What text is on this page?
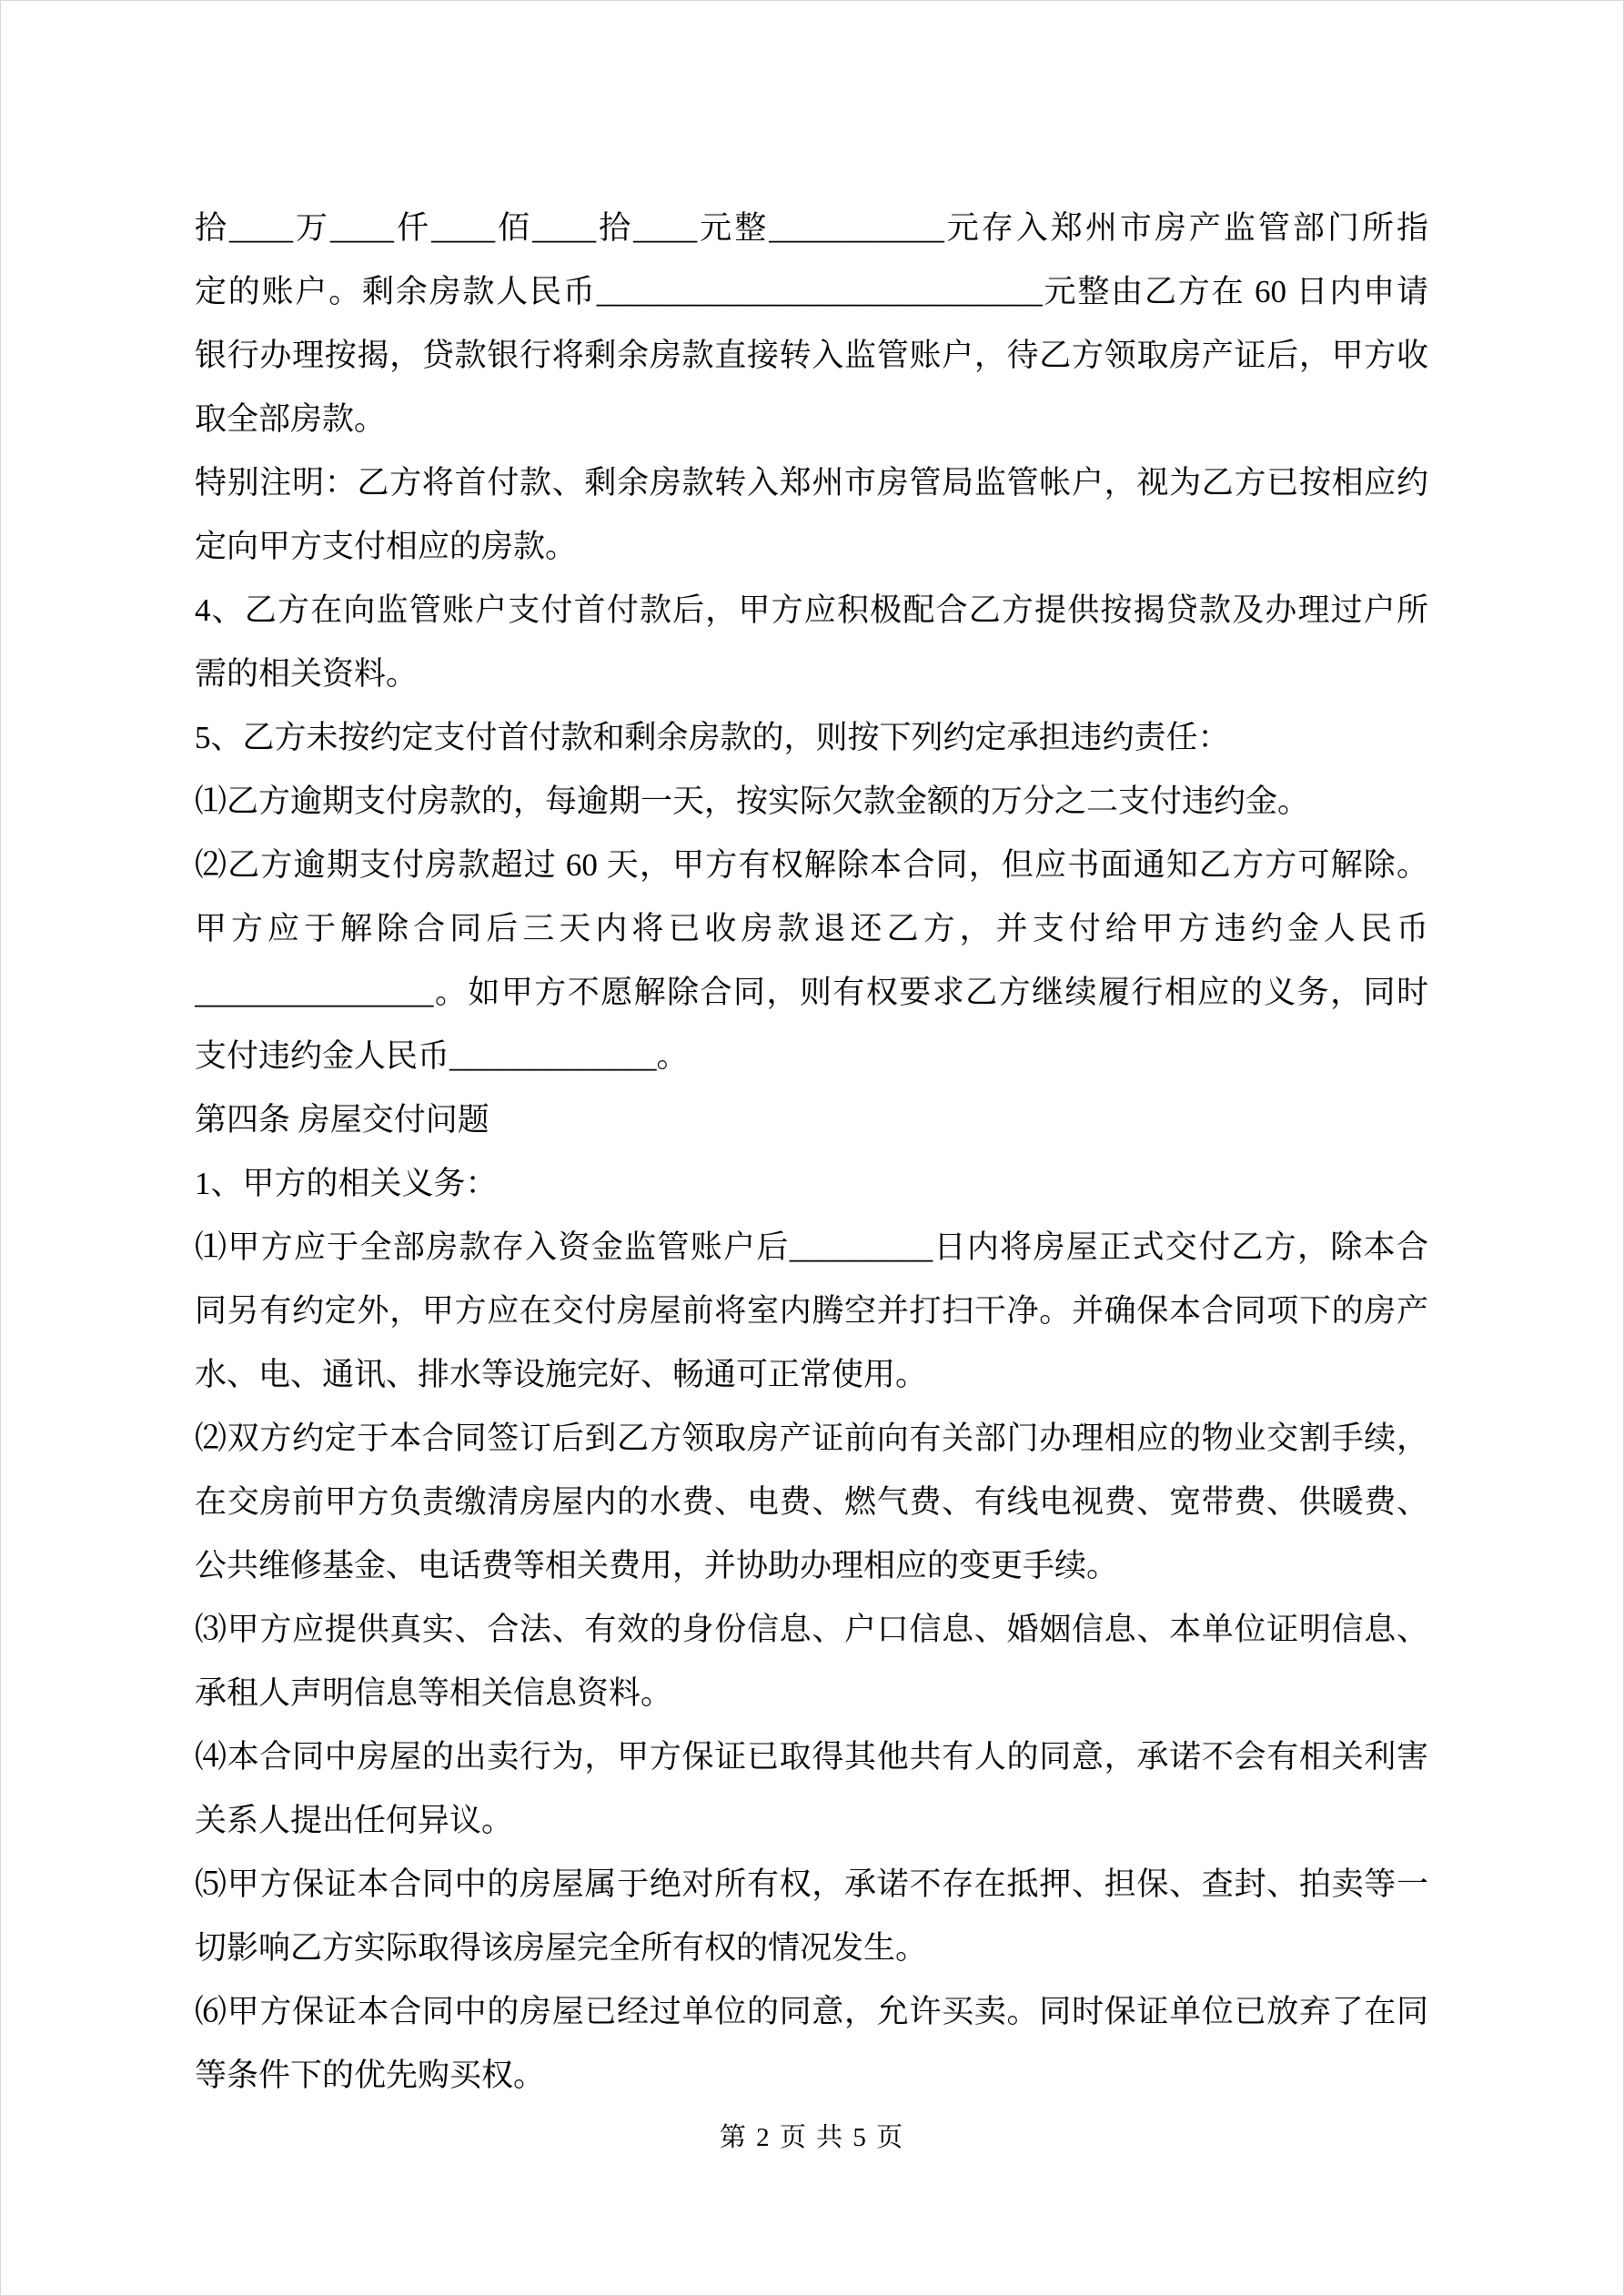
拾____万____仟____佰____拾____元整___________元存入郑州市房产监管部门所指
定的账户。剩余房款人民币____________________________元整由乙方在 60 日内申请
银行办理按揭，贷款银行将剩余房款直接转入监管账户，待乙方领取房产证后，甲方收
取全部房款。
特别注明：乙方将首付款、剩余房款转入郑州市房管局监管帐户，视为乙方已按相应约
定向甲方支付相应的房款。
4、乙方在向监管账户支付首付款后，甲方应积极配合乙方提供按揭贷款及办理过户所
需的相关资料。
5、乙方未按约定支付首付款和剩余房款的，则按下列约定承担违约责任：
⑴乙方逾期支付房款的，每逾期一天，按实际欠款金额的万分之二支付违约金。
⑵乙方逾期支付房款超过 60 天，甲方有权解除本合同，但应书面通知乙方方可解除。
甲方应于解除合同后三天内将已收房款退还乙方，并支付给甲方违约金人民币
_______________。如甲方不愿解除合同，则有权要求乙方继续履行相应的义务，同时
支付违约金人民币_____________。
第四条 房屋交付问题
1、甲方的相关义务：
⑴甲方应于全部房款存入资金监管账户后_________日内将房屋正式交付乙方，除本合
同另有约定外，甲方应在交付房屋前将室内腾空并打扫干净。并确保本合同项下的房产
水、电、通讯、排水等设施完好、畅通可正常使用。
⑵双方约定于本合同签订后到乙方领取房产证前向有关部门办理相应的物业交割手续，
在交房前甲方负责缴清房屋内的水费、电费、燃气费、有线电视费、宽带费、供暖费、
公共维修基金、电话费等相关费用，并协助办理相应的变更手续。
⑶甲方应提供真实、合法、有效的身份信息、户口信息、婚姻信息、本单位证明信息、
承租人声明信息等相关信息资料。
⑷本合同中房屋的出卖行为，甲方保证已取得其他共有人的同意，承诺不会有相关利害
关系人提出任何异议。
⑸甲方保证本合同中的房屋属于绝对所有权，承诺不存在抵押、担保、查封、拍卖等一
切影响乙方实际取得该房屋完全所有权的情况发生。
⑹甲方保证本合同中的房屋已经过单位的同意，允许买卖。同时保证单位已放弃了在同
等条件下的优先购买权。
第 2 页 共 5 页
